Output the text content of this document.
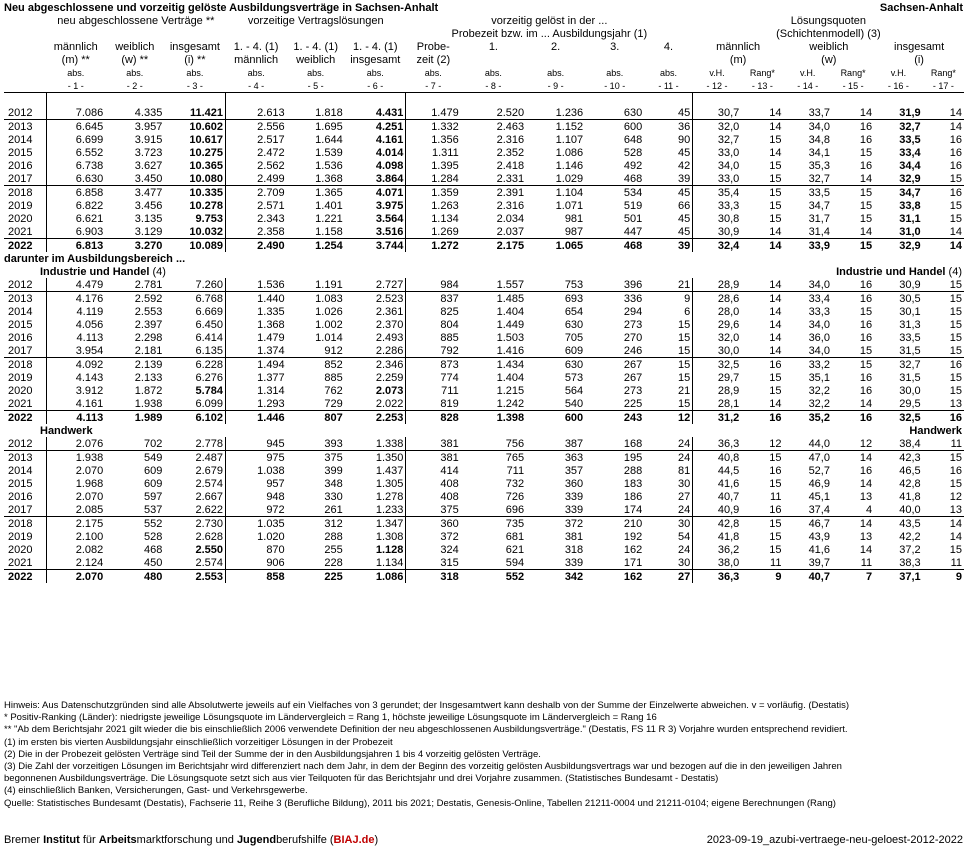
Neu abgeschlossene und vorzeitig gelöste Ausbildungsverträge in Sachsen-Anhalt	Sachsen-Anhalt
	neu abgeschlossene Verträge **			vorzeitige Vertragslösungen			vorzeitig gelöst in der ...					Lösungsquoten					
							Probezeit bzw. im ... Ausbildungsjahr (1)					(Schichtenmodell) (3)					
	männlich	weiblich	insgesamt	1. - 4. (1)	1. - 4. (1)	1. - 4. (1)	Probe-	1.	2.	3.	4.	männlich		weiblich		insgesamt	
	(m) **	(w) **	(i) **	männlich	weiblich	insgesamt	zeit (2)					(m)		(w)		(i)	
	abs.	abs.	abs.	abs.	abs.	abs.	abs.	abs.	abs.	abs.	abs.	v.H.	Rang*	v.H.	Rang*	v.H.	Rang*
	- 1 -	- 2 -	- 3 -	- 4 -	- 5 -	- 6 -	- 7 -	- 8 -	- 9 -	- 10 -	- 11 -	- 12 -	- 13 -	- 14 -	- 15 -	- 16 -	- 17 -

2012	7.086	4.335	11.421	2.613	1.818	4.431	1.479	2.520	1.236	630	45	30,7	14	33,7	14	31,9	14
2013	6.645	3.957	10.602	2.556	1.695	4.251	1.332	2.463	1.152	600	36	32,0	14	34,0	16	32,7	14
2014	6.699	3.915	10.617	2.517	1.644	4.161	1.356	2.316	1.107	648	90	32,7	15	34,8	16	33,5	16
2015	6.552	3.723	10.275	2.472	1.539	4.014	1.311	2.352	1.086	528	45	33,0	14	34,1	15	33,4	16
2016	6.738	3.627	10.365	2.562	1.536	4.098	1.395	2.418	1.146	492	42	34,0	15	35,3	16	34,4	16
2017	6.630	3.450	10.080	2.499	1.368	3.864	1.284	2.331	1.029	468	39	33,0	15	32,7	14	32,9	15
2018	6.858	3.477	10.335	2.709	1.365	4.071	1.359	2.391	1.104	534	45	35,4	15	33,5	15	34,7	16
2019	6.822	3.456	10.278	2.571	1.401	3.975	1.263	2.316	1.071	519	66	33,3	15	34,7	15	33,8	15
2020	6.621	3.135	9.753	2.343	1.221	3.564	1.134	2.034	981	501	45	30,8	15	31,7	15	31,1	15
2021	6.903	3.129	10.032	2.358	1.158	3.516	1.269	2.037	987	447	45	30,9	14	31,4	14	31,0	14
2022	6.813	3.270	10.089	2.490	1.254	3.744	1.272	2.175	1.065	468	39	32,4	14	33,9	15	32,9	14
darunter im Ausbildungsbereich ...																	
Industrie und Handel (4)												Industrie und Handel (4)					
2012	4.479	2.781	7.260	1.536	1.191	2.727	984	1.557	753	396	21	28,9	14	34,0	16	30,9	15
2013	4.176	2.592	6.768	1.440	1.083	2.523	837	1.485	693	336	9	28,6	14	33,4	16	30,5	15
2014	4.119	2.553	6.669	1.335	1.026	2.361	825	1.404	654	294	6	28,0	14	33,3	15	30,1	15
2015	4.056	2.397	6.450	1.368	1.002	2.370	804	1.449	630	273	15	29,6	14	34,0	16	31,3	15
2016	4.113	2.298	6.414	1.479	1.014	2.493	885	1.503	705	270	15	32,0	14	36,0	16	33,5	15
2017	3.954	2.181	6.135	1.374	912	2.286	792	1.416	609	246	15	30,0	14	34,0	15	31,5	15
2018	4.092	2.139	6.228	1.494	852	2.346	873	1.434	630	267	15	32,5	16	33,2	15	32,7	16
2019	4.143	2.133	6.276	1.377	885	2.259	774	1.404	573	267	15	29,7	15	35,1	16	31,5	15
2020	3.912	1.872	5.784	1.314	762	2.073	711	1.215	564	273	21	28,9	15	32,2	16	30,0	15
2021	4.161	1.938	6.099	1.293	729	2.022	819	1.242	540	225	15	28,1	14	32,2	14	29,5	13
2022	4.113	1.989	6.102	1.446	807	2.253	828	1.398	600	243	12	31,2	16	35,2	16	32,5	16
Handwerk												Handwerk					
2012	2.076	702	2.778	945	393	1.338	381	756	387	168	24	36,3	12	44,0	12	38,4	11
2013	1.938	549	2.487	975	375	1.350	381	765	363	195	24	40,8	15	47,0	14	42,3	15
2014	2.070	609	2.679	1.038	399	1.437	414	711	357	288	81	44,5	16	52,7	16	46,5	16
2015	1.968	609	2.574	957	348	1.305	408	732	360	183	30	41,6	15	46,9	14	42,8	15
2016	2.070	597	2.667	948	330	1.278	408	726	339	186	27	40,7	11	45,1	13	41,8	12
2017	2.085	537	2.622	972	261	1.233	375	696	339	174	24	40,9	16	37,4	4	40,0	13
2018	2.175	552	2.730	1.035	312	1.347	360	735	372	210	30	42,8	15	46,7	14	43,5	14
2019	2.100	528	2.628	1.020	288	1.308	372	681	381	192	54	41,8	15	43,9	13	42,2	14
2020	2.082	468	2.550	870	255	1.128	324	621	318	162	24	36,2	15	41,6	14	37,2	15
2021	2.124	450	2.574	906	228	1.134	315	594	339	171	30	38,0	11	39,7	11	38,3	11
2022	2.070	480	2.553	858	225	1.086	318	552	342	162	27	36,3	9	40,7	7	37,1	9
Hinweis: Aus Datenschutzgründen sind alle Absolutwerte jeweils auf ein Vielfaches von 3 gerundet; der Insgesamtwert kann deshalb von der Summe der Einzelwerte abweichen. v = vorläufig. (Destatis)
* Positiv-Ranking (Länder): niedrigste jeweilige Lösungsquote im Ländervergleich = Rang 1, höchste jeweilige Lösungsquote im Ländervergleich = Rang 16
** "Ab dem Berichtsjahr 2021 gilt wieder die bis einschließlich 2006 verwendete Definition der neu abgeschlossenen Ausbildungsverträge." (Destatis, FS 11 R 3) Vorjahre wurden entsprechend revidiert.
(1) im ersten bis vierten Ausbildungsjahr einschließlich vorzeitiger Lösungen in der Probezeit
(2) Die in der Probezeit gelösten Verträge sind Teil der Summe der in den Ausbildungsjahren 1 bis 4 vorzeitig gelösten Verträge.
(3) Die Zahl der vorzeitigen Lösungen im Berichtsjahr wird differenziert nach dem Jahr, in dem der Beginn des vorzeitig gelösten Ausbildungsvertrags war und bezogen auf die in den jeweiligen Jahren
begonnenen Ausbildungsverträge. Die Lösungsquote setzt sich aus vier Teilquoten für das Berichtsjahr und drei Vorjahre zusammen. (Statistisches Bundesamt - Destatis)
(4) einschließlich Banken, Versicherungen, Gast- und Verkehrsgewerbe.
Quelle: Statistisches Bundesamt (Destatis), Fachserie 11, Reihe 3 (Berufliche Bildung), 2011 bis 2021; Destatis, Genesis-Online, Tabellen 21211-0004 und 21211-0104; eigene Berechnungen (Rang)
Bremer Institut für Arbeitsmarktforschung und Jugendberufshilfe (BIAJ.de)	2023-09-19_azubi-vertraege-neu-geloest-2012-2022
